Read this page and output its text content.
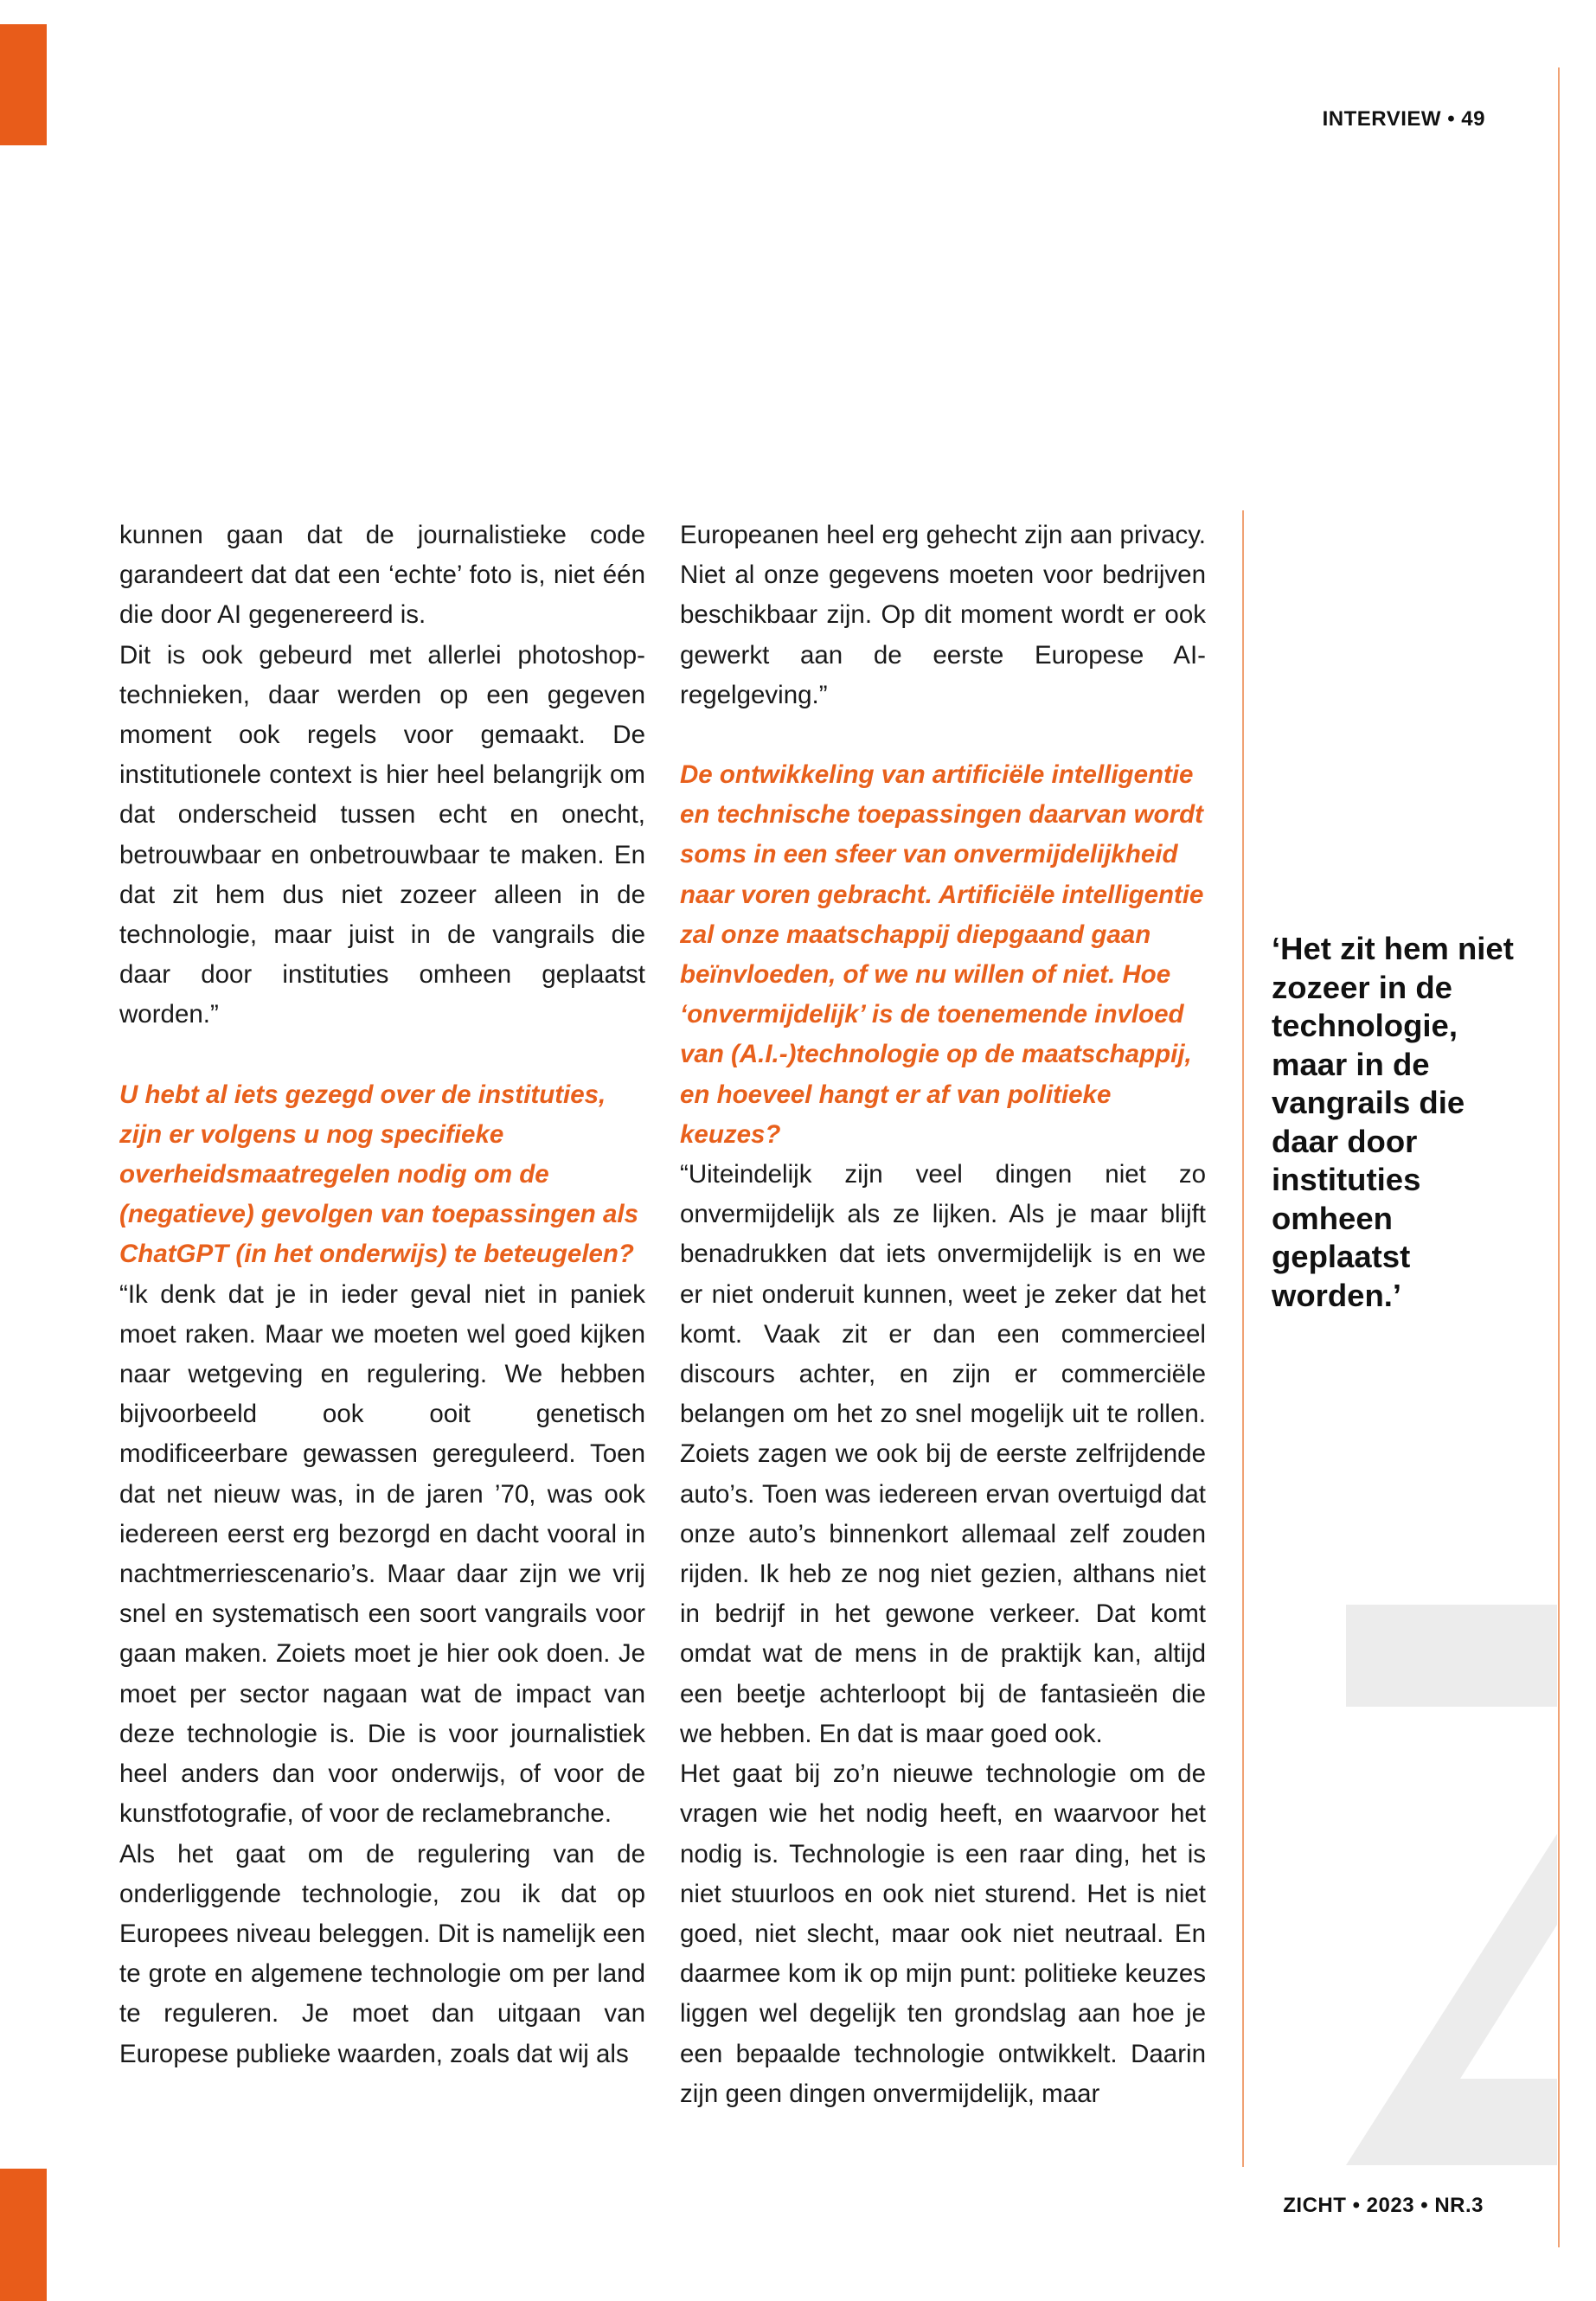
INTERVIEW • 49

kunnen gaan dat de journalistieke code garandeert dat dat een ‘echte’ foto is, niet één die door AI gegenereerd is.

Dit is ook gebeurd met allerlei photoshop-technieken, daar werden op een gegeven moment ook regels voor gemaakt. De institutionele context is hier heel belangrijk om dat onderscheid tussen echt en onecht, betrouwbaar en onbetrouwbaar te maken. En dat zit hem dus niet zozeer alleen in de technologie, maar juist in de vangrails die daar door instituties omheen geplaatst worden.”

U hebt al iets gezegd over de instituties, zijn er volgens u nog specifieke overheidsmaatregelen nodig om de (negatieve) gevolgen van toepassingen als ChatGPT (in het onderwijs) te beteugelen?

“Ik denk dat je in ieder geval niet in paniek moet raken. Maar we moeten wel goed kijken naar wetgeving en regulering. We hebben bijvoorbeeld ook ooit genetisch modificeerbare gewassen gereguleerd. Toen dat net nieuw was, in de jaren ’70, was ook iedereen eerst erg bezorgd en dacht vooral in nachtmerriescenario’s. Maar daar zijn we vrij snel en systematisch een soort vangrails voor gaan maken. Zoiets moet je hier ook doen. Je moet per sector nagaan wat de impact van deze technologie is. Die is voor journalistiek heel anders dan voor onderwijs, of voor de kunstfotografie, of voor de reclamebranche.

Als het gaat om de regulering van de onderliggende technologie, zou ik dat op Europees niveau beleggen. Dit is namelijk een te grote en algemene technologie om per land te reguleren. Je moet dan uitgaan van Europese publieke waarden, zoals dat wij als

Europeanen heel erg gehecht zijn aan privacy. Niet al onze gegevens moeten voor bedrijven beschikbaar zijn. Op dit moment wordt er ook gewerkt aan de eerste Europese AI-regelgeving.”

De ontwikkeling van artificiële intelligentie en technische toepassingen daarvan wordt soms in een sfeer van onvermijdelijkheid naar voren gebracht. Artificiële intelligentie zal onze maatschappij diepgaand gaan beïnvloeden, of we nu willen of niet. Hoe ‘onvermijdelijk’ is de toenemende invloed van (A.I.-)technologie op de maatschappij, en hoeveel hangt er af van politieke keuzes?

“Uiteindelijk zijn veel dingen niet zo onvermijdelijk als ze lijken. Als je maar blijft benadrukken dat iets onvermijdelijk is en we er niet onderuit kunnen, weet je zeker dat het komt. Vaak zit er dan een commercieel discours achter, en zijn er commerciële belangen om het zo snel mogelijk uit te rollen. Zoiets zagen we ook bij de eerste zelfrijdende auto’s. Toen was iedereen ervan overtuigd dat onze auto’s binnenkort allemaal zelf zouden rijden. Ik heb ze nog niet gezien, althans niet in bedrijf in het gewone verkeer. Dat komt omdat wat de mens in de praktijk kan, altijd een beetje achterloopt bij de fantasieën die we hebben. En dat is maar goed ook.

Het gaat bij zo’n nieuwe technologie om de vragen wie het nodig heeft, en waarvoor het nodig is. Technologie is een raar ding, het is niet stuurloos en ook niet sturend. Het is niet goed, niet slecht, maar ook niet neutraal. En daarmee kom ik op mijn punt: politieke keuzes liggen wel degelijk ten grondslag aan hoe je een bepaalde technologie ontwikkelt. Daarin zijn geen dingen onvermijdelijk, maar

‘Het zit hem niet zozeer in de technologie, maar in de vangrails die daar door instituties omheen geplaatst worden.’
ZICHT • 2023 • NR.3
